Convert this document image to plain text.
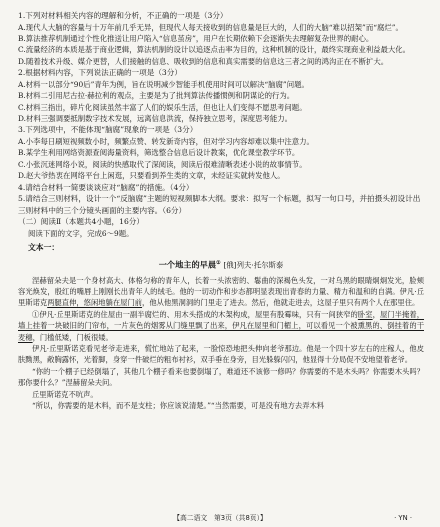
1.下列对材料相关内容的理解和分析，不正确的一项是（3分）

A.现代人大脑的容量与十万年前几乎无异，但现代人每天接收到的信息量是巨大的，人们的大脑“难以招架”而“腐烂”。

B.算法推荐机制通过个性化推送让用户陷入“信息茧房”，用户在长期依赖下会逐渐失去理解复杂世界的耐心。

C.流量经济的本质是基于商业逻辑，算法机制的设计以追逐点击率为目的，这种机制的设计，最终实现商业利益最大化。

D.随着技术升级、媒介更替，人们接触的信息、吸收到的信息和真实需要的信息这三者之间的鸿沟正在不断扩大。

2.根据材料内容，下列说法正确的一项是（3分）

A.材料一以部分“90后”青年为例，旨在说明减少智能手机使用时间可以解决“脑腐”问题。

B.材料二引用尼古拉·赫拉利的观点，主要是为了批判算法传播惯例和阴谋论的行为。

C.材料三指出，碎片化阅读虽然丰富了人们的娱乐生活，但也让人们变得不愿思考问题。

D.材料三强调要抵制数字技术发展，远离信息洪流，保持独立思考，深度思考能力。

3.下列选项中，不能体现“脑腐”现象的一项是（3分）

A.小李每日刷短视频数小时，频繁点赞、转发新奇内容，但对学习内容却难以集中注意力。

B.某学生利用网络资源查阅海量资料，筛选整合信息后设计教案，优化课堂教学环节。

C.小张沉迷网络小说，阅读的快感取代了深阅读，阅读后很难清晰表述小说的故事情节。

D.赵大爷热衷在网络平台上闲逛，只要看到养生类的文章，未经证实就转发他人。

4.请结合材料一简要谈谈应对“脑腐”的措施。（4分）

5.请结合三则材料，设计一个“反脑腐”主题的短视频脚本大纲。要求：拟写一个标题，拟写一句口号，并拍摄头初设计出三则材料中的三个分镜头画面的主要内容。（6分）

（二）阅读Ⅱ（本题共4小题，16分）

阅读下面的文字，完成6～9题。

文本一：

一个地主的早晨① [俄]列夫·托尔斯泰

涅赫留朵夫是一个身材高大、体格匀称的青年人，长着一头浓密的、鬈曲的深褐色头发，一对乌黑的眼睛炯炯发光，脸颊容光焕发，殷红的嘴唇上刚刚长出青年人的绒毛。他的一切动作和步态都明显表现出青春的力量、精力和温和的自满。伊凡·丘里斯诺克两腿直伸，悠闲地躺在屋门前，他从他黑洞洞的门里走了进去。然后，他就走进去，这屋子里只有两个人在那里住。

①伊凡·丘里斯诺克的住屋由一副半腐烂的、用木头搭成的木架构成，屋里有股霉味，只有一间狭窄的卧室，屋门半掩着，墙上挂着一块破旧的门帘布，一片灰色的烟雾从门缝里飘了出来，伊凡在屋里和门楣上，可以看见一个被熏黑的、倒挂着的干麦穗，门槛低矮，门板很矮。

伊凡·丘里斯诺克看见老爷走进来，慌忙地站了起来，一脸惊恐地把头伸向老爷那边。他是一个四十岁左右的庄稼人，他皮肤黝黑，敞胸露怀，光着脚，身穿一件破烂的粗布衬衫，双手垂在身旁，目光躲躲闪闪，他显得十分局促不安地望着老爷。

“你的一个棚子已经倒塌了，其他几个棚子看来也要倒塌了，难道还不该修一修吗？你需要的不是木头吗？你需要木头吗？那你要什么？”涅赫留朵夫问。

丘里斯诺克不吭声。

“所以，你需要的是木料，而不是支柱；你应该说清楚。”“当然需要，可是没有地方去弄木料

【高二语文　第3页（共8页）】	· YN ·
